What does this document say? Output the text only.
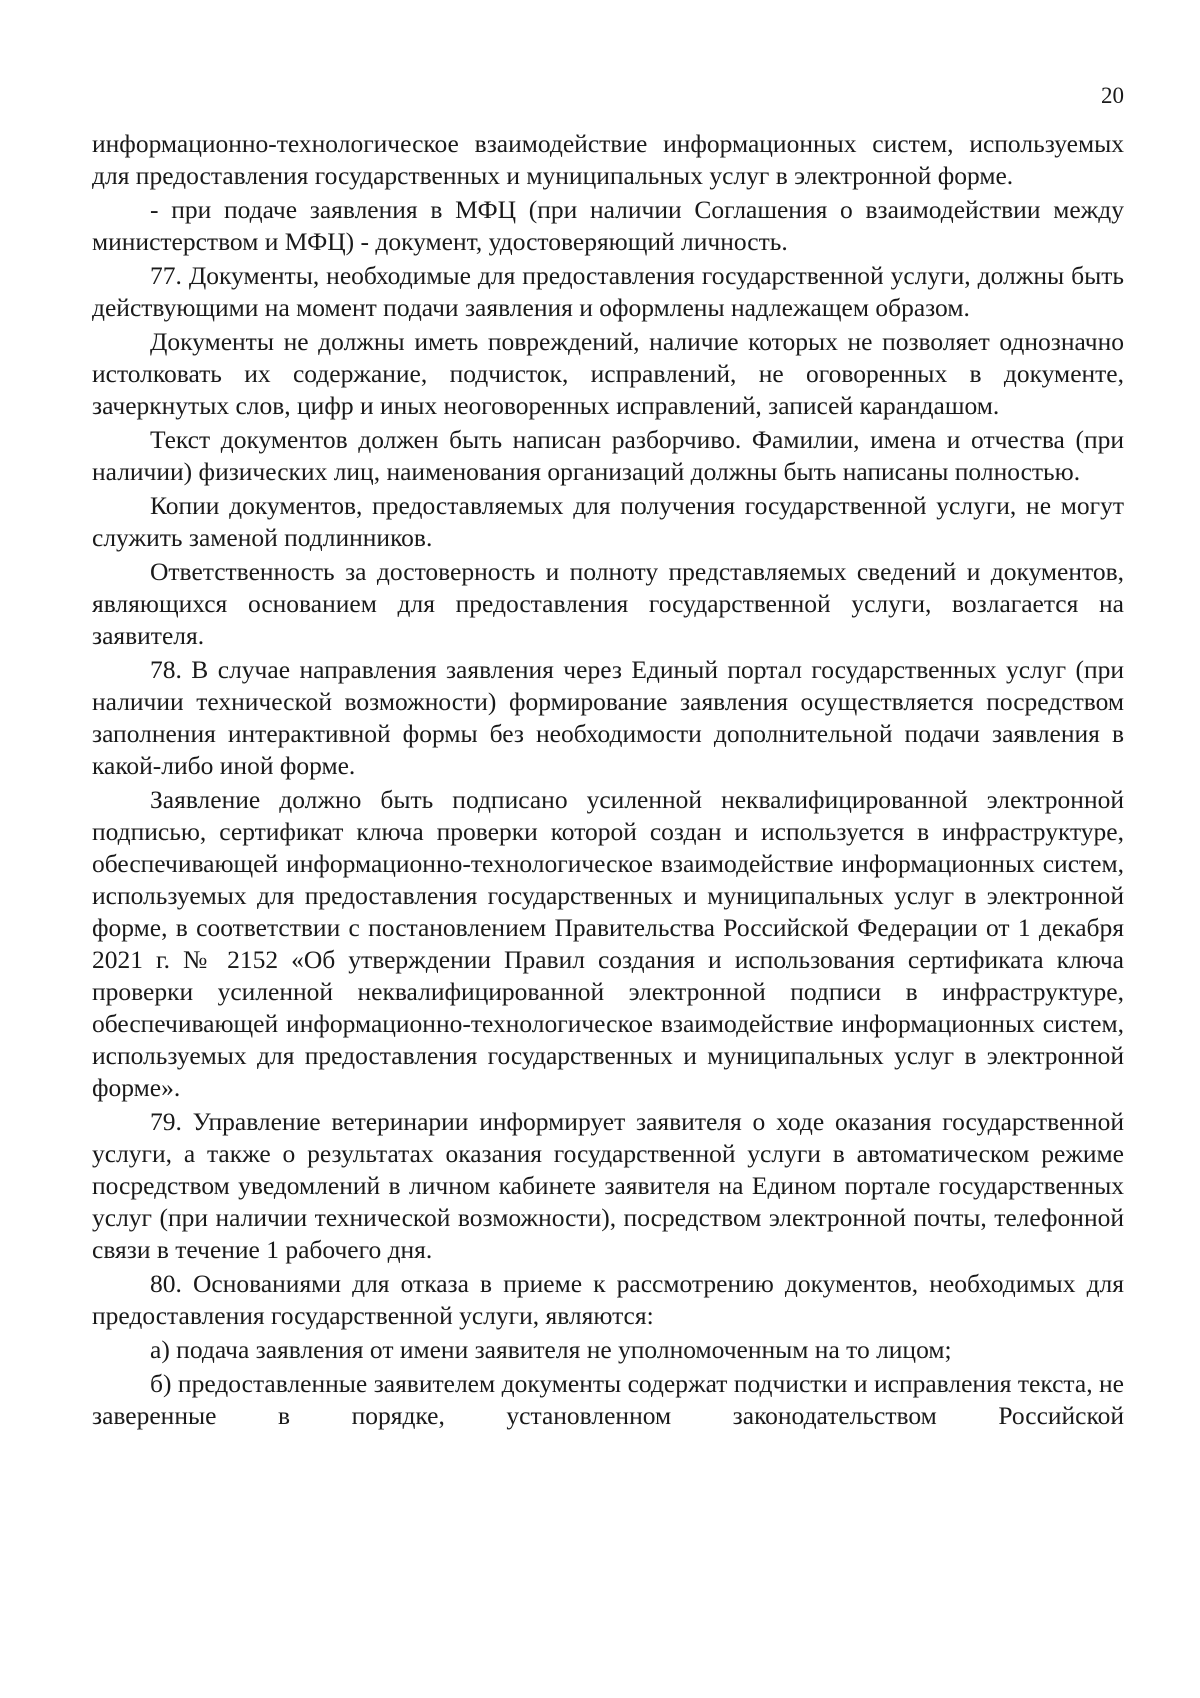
20

информационно-технологическое взаимодействие информационных систем, используемых для предоставления государственных и муниципальных услуг в электронной форме.

- при подаче заявления в МФЦ (при наличии Соглашения о взаимодействии между министерством и МФЦ) - документ, удостоверяющий личность.

77. Документы, необходимые для предоставления государственной услуги, должны быть действующими на момент подачи заявления и оформлены надлежащем образом.

Документы не должны иметь повреждений, наличие которых не позволяет однозначно истолковать их содержание, подчисток, исправлений, не оговоренных в документе, зачеркнутых слов, цифр и иных неоговоренных исправлений, записей карандашом.

Текст документов должен быть написан разборчиво. Фамилии, имена и отчества (при наличии) физических лиц, наименования организаций должны быть написаны полностью.

Копии документов, предоставляемых для получения государственной услуги, не могут служить заменой подлинников.

Ответственность за достоверность и полноту представляемых сведений и документов, являющихся основанием для предоставления государственной услуги, возлагается на заявителя.

78. В случае направления заявления через Единый портал государственных услуг (при наличии технической возможности) формирование заявления осуществляется посредством заполнения интерактивной формы без необходимости дополнительной подачи заявления в какой-либо иной форме.

Заявление должно быть подписано усиленной неквалифицированной электронной подписью, сертификат ключа проверки которой создан и используется в инфраструктуре, обеспечивающей информационно-технологическое взаимодействие информационных систем, используемых для предоставления государственных и муниципальных услуг в электронной форме, в соответствии с постановлением Правительства Российской Федерации от 1 декабря 2021 г. № 2152 «Об утверждении Правил создания и использования сертификата ключа проверки усиленной неквалифицированной электронной подписи в инфраструктуре, обеспечивающей информационно-технологическое взаимодействие информационных систем, используемых для предоставления государственных и муниципальных услуг в электронной форме».

79. Управление ветеринарии информирует заявителя о ходе оказания государственной услуги, а также о результатах оказания государственной услуги в автоматическом режиме посредством уведомлений в личном кабинете заявителя на Едином портале государственных услуг (при наличии технической возможности), посредством электронной почты, телефонной связи в течение 1 рабочего дня.

80. Основаниями для отказа в приеме к рассмотрению документов, необходимых для предоставления государственной услуги, являются:

а) подача заявления от имени заявителя не уполномоченным на то лицом;

б) предоставленные заявителем документы содержат подчистки и исправления текста, не заверенные в порядке, установленном законодательством Российской
